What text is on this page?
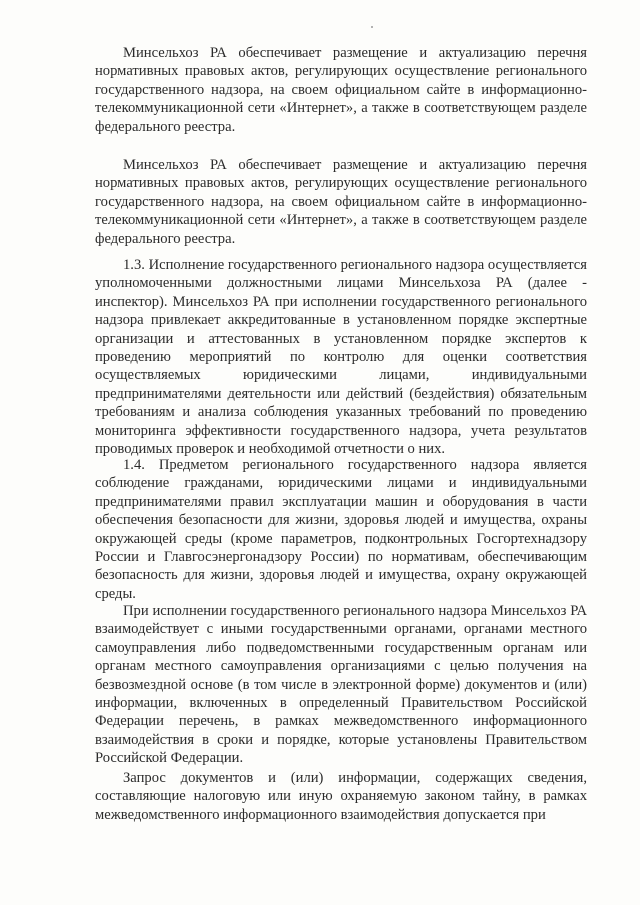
Минсельхоз РА обеспечивает размещение и актуализацию перечня нормативных правовых актов, регулирующих осуществление регионального государственного надзора, на своем официальном сайте в информационно-телекоммуникационной сети «Интернет», а также в соответствующем разделе федерального реестра.

Минсельхоз РА обеспечивает размещение и актуализацию перечня нормативных правовых актов, регулирующих осуществление регионального государственного надзора, на своем официальном сайте в информационно-телекоммуникационной сети «Интернет», а также в соответствующем разделе федерального реестра.

1.3. Исполнение государственного регионального надзора осуществляется уполномоченными должностными лицами Минсельхоза РА (далее - инспектор). Минсельхоз РА при исполнении государственного регионального надзора привлекает аккредитованные в установленном порядке экспертные организации и аттестованных в установленном порядке экспертов к проведению мероприятий по контролю для оценки соответствия осуществляемых юридическими лицами, индивидуальными предпринимателями деятельности или действий (бездействия) обязательным требованиям и анализа соблюдения указанных требований по проведению мониторинга эффективности государственного надзора, учета результатов проводимых проверок и необходимой отчетности о них.

1.4. Предметом регионального государственного надзора является соблюдение гражданами, юридическими лицами и индивидуальными предпринимателями правил эксплуатации машин и оборудования в части обеспечения безопасности для жизни, здоровья людей и имущества, охраны окружающей среды (кроме параметров, подконтрольных Госгортехнадзору России и Главгосэнергонадзору России) по нормативам, обеспечивающим безопасность для жизни, здоровья людей и имущества, охрану окружающей среды.

При исполнении государственного регионального надзора Минсельхоз РА взаимодействует с иными государственными органами, органами местного самоуправления либо подведомственными государственным органам или органам местного самоуправления организациями с целью получения на безвозмездной основе (в том числе в электронной форме) документов и (или) информации, включенных в определенный Правительством Российской Федерации перечень, в рамках межведомственного информационного взаимодействия в сроки и порядке, которые установлены Правительством Российской Федерации.

Запрос документов и (или) информации, содержащих сведения, составляющие налоговую или иную охраняемую законом тайну, в рамках межведомственного информационного взаимодействия допускается при
